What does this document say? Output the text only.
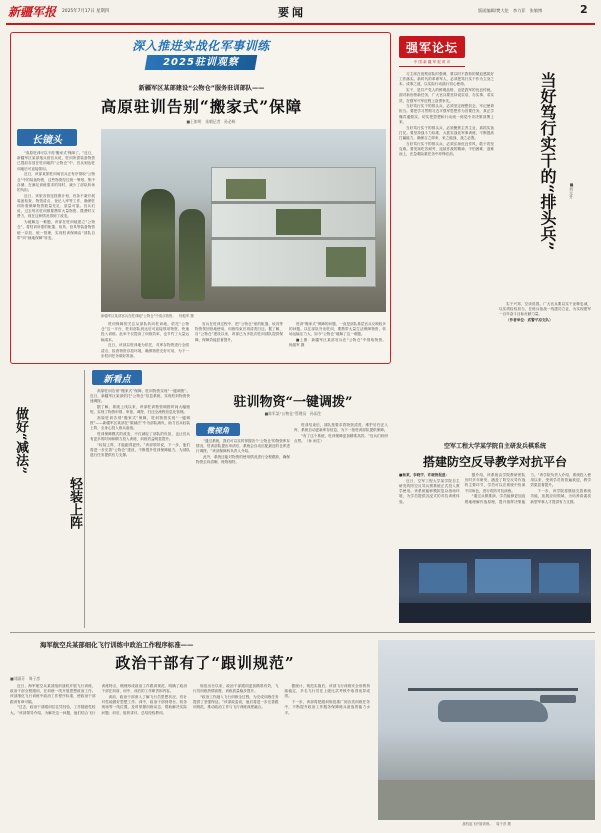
新疆军报 2025年7月17日 星期四	要闻	版面编辑/樊大伦　李力菲　张敏博	2
深入推进实战化军事训练
2025驻训观察
新疆军区某部建设“公物仓”服务驻训部队——
高原驻训告别“搬家式”保障
■王如明　朱朝记者　孙必栋
长镜头

“高原驻训可以不再‘搬家式’保障了。”近日，新疆军区某部炮兵营官兵说，驻训所需装备物资已提前存放在驻训地的“公物仓”中，官兵到达驻训地后可直接领用。

近日，该部某旅驻训场官兵正有序领取“公物仓”中的装备物资，这些物资经过统一筹划、集中存储，在满足训练需求的同时，减少了部队转场的负担。

近日，该旅各营连按照计划，有条不紊开展装备检查、物资清点、登记入库等工作，确保驻训所需保障物资数量充足、质量可靠。官兵们说，过去每次驻训都要携带大量物资，既费时又费力，现在这种情况得到了改变。

为破解这一难题，该部在驻训地建立“公物仓”，将驻训所需的帐篷、炊具、营具等装备物资统一存放、统一管理，实现驻训保障由“部队自带”向“就地保障”转变。

新疆军区某部官兵在驻训地“公物仓”中清点物资。　杨振军 摄

驻训保障的关注从部队转向驻训地，依托“公物仓”这一平台，驻训部队到达后可直接领用物资，快速投入训练。此举不仅提高了训练效率，也节约了大量运输成本。

近日，该部以驻训地为依托，对库存物资进行全面清点，检查物资存放环境，确保物资完好可用，为下一步驻训任务做好准备。

官兵在驻训过程中，把“公物仓”里的帐篷、炊具等物资领回营地使用，训练结束后再清洗归还。据了解，自“公物仓”建设以来，该部已为多批次驻训部队提供保障，保障效能显著提升。

驻训“搬家式”保障的问题，一直是部队基层官兵反映较多的问题。以往部队外出驻训，要携带大量生活保障物资，转场运输压力大，如今“公物仓”破解了这一难题。

■上图：新疆军区某部官兵在“公物仓”中领取物资。　　杨振军 摄

强军论坛
中 国 新 疆 军 报 时 评

习主席在视察部队时强调，要以时不我待的紧迫感抓好工作落实。新时代的革命军人，必须把笃行实干作为立身之本、成事之道，以实际行动践行初心使命。

实干，是共产党人的鲜明品格，也是我军的优良传统。面对新形势新任务，广大官兵要坚持说实话、办实事、求实效，在强军兴军征程上奋勇争先。

当好笃行实干的排头兵，必须坚定理想信念，牢记使命担当。要把学习贯彻习近平强军思想作为首要任务，真正学懂弄通做实，切实把思想和行动统一到党中央决策部署上来。

当好笃行实干的排头兵，必须聚焦主责主业，真抓实备打仗。要坚持战斗力标准，大抓实战化军事训练，不断提高打赢能力，确保召之即来、来之能战、战之必胜。

当好笃行实干的排头兵，必须弘扬优良作风，敢于攻坚克难。要发扬吃苦耐劳、连续作战的精神，不怕困难、迎难而上，在急难险重任务中冲锋在前。	当好笃行实干的“排头兵”	■刘元升

实干兴邦，空谈误国。广大官兵要以实干诠释忠诚，以实绩检验担当，在练兵备战一线建功立业，为实现建军一百年奋斗目标贡献力量。

（作者单位：武警平凉支队）

做好“减法”
轻装上阵
新看点
驻训物资“一键调拨”
■陈军某“公物仓”管理员　孙雨生

高原驻训告别“搬家式”保障，驻训物资实现“一键调拨”。近日，新疆军区某部依托“公物仓”信息系统，实现驻训物资快速调拨。

据了解，系统上线以来，该部驻训物资调拨时间大幅缩短，实现了物资申领、审批、调拨、归还全流程信息化管理。

高原驻训告别“搬家式”保障，驻训物资实现“一键调拨”——新疆军区某部在“做减法”中为部队减负，助力官兵轻装上阵，全身心投入练兵备战。

驻训保障模式的改变，不仅减轻了部队的负担，也让官兵有更多的时间和精力投入训练，训练效益明显提升。

“轻装上阵，才能跑得更快。”该部领导说，下一步，他们将进一步完善“公物仓”建设，不断提升驻训保障能力，为部队遂行任务提供有力支撑。

微视角

“通过系统，我们可以实时掌握各个‘公物仓’的物资库存情况，驻训部队提出申请后，系统会自动匹配最近的仓库进行调拨。”该部保障科负责人介绍。

此外，系统还能对物资的使用情况进行全程跟踪，确保物资去向清晰、账物相符。

驻训结束后，部队按要求将物资清洗、维护后归还入库，系统自动更新库存信息，为下一批驻训部队提供保障。

“有了这个系统，驻训保障更加精准高效。”官兵们纷纷点赞。（孙 雨生）

空军工程大学某学院自主研发兵棋系统
搭建防空反导教学对抗平台

■杨某，李晓宇、许晓涛报道：

近日，空军工程大学某学院自主研发的防空反导兵棋系统正式投入教学使用。该系统能够模拟复杂战场环境，为学员提供沉浸式的对抗训练体验。

据介绍，该系统由学院教研团队历时多年研发，涵盖了防空反导作战的主要环节，学员可以在系统中扮演不同角色，进行攻防对抗演练。

“通过兵棋推演，学员能够更加直观地理解作战原理，提升指挥决策能力。”该学院负责人介绍，系统投入使用以来，受到学员的普遍欢迎，教学效果显著提升。

下一步，该学院将继续完善系统功能，拓展应用领域，为培养高素质新型军事人才提供有力支撑。

海军航空兵某部细化飞行训练中政治工作程序标准——
政治干部有了“跟训规范”
■刘淑芬　周子彦

近日，海军航空兵某部组织战机开展飞行训练，政治干部全程跟训，在训练一线开展思想政治工作。该部细化飞行训练中政治工作程序标准，使政治干部跟训有章可循。

“过去，政治干部跟训往往凭经验，工作随意性较大。”该部领导介绍，为解决这一问题，他们结合飞行训练特点，梳理形成政治工作跟训规范，明确了政治干部在训前、训中、训后的工作职责和内容。

训前，政治干部深入了解飞行员思想状况，有针对性地做好思想工作；训中，政治干部到塔台、机务现场等一线位置，及时掌握训练动态，帮助解决实际问题；训后，组织讲评，总结经验教训。

规范出台以来，政治干部跟训更加精准有效，飞行员训练热情高涨，训练质量稳步提升。

“政治工作融入飞行训练全过程，为完成训练任务提供了坚强保证。”该部政委说，他们将进一步完善跟训规范，推动政治工作与飞行训练深度融合。

据统计，规范实施后，该部飞行训练安全形势持续稳定，多名飞行员在上级比武考核中取得优异成绩。

下一步，该部将把跟训规范推广到各类训练任务中，不断提升政治工作服务保障练兵备战的能力水平。

战机起飞开展训练。　周子彦 摄
